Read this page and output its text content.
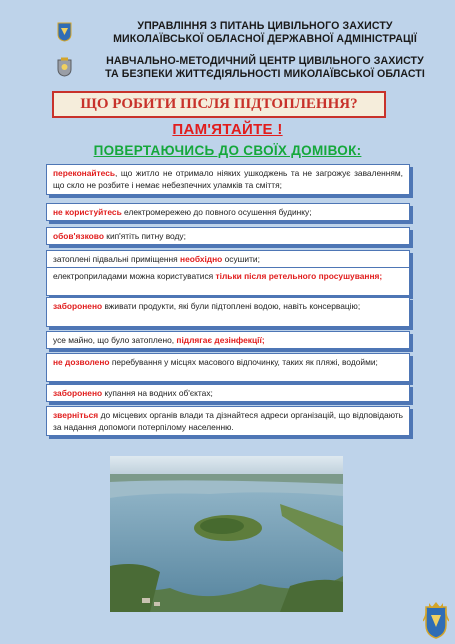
УПРАВЛІННЯ З ПИТАНЬ ЦИВІЛЬНОГО ЗАХИСТУ
МИКОЛАЇВСЬКОЇ ОБЛАСНОЇ ДЕРЖАВНОЇ АДМІНІСТРАЦІЇ
НАВЧАЛЬНО-МЕТОДИЧНИЙ ЦЕНТР ЦИВІЛЬНОГО ЗАХИСТУ
ТА БЕЗПЕКИ ЖИТТЄДІЯЛЬНОСТІ МИКОЛАЇВСЬКОЇ ОБЛАСТІ
ЩО РОБИТИ ПІСЛЯ ПІДТОПЛЕННЯ?
ПАМ'ЯТАЙТЕ !
ПОВЕРТАЮЧИСЬ ДО СВОЇХ ДОМІВОК:
переконайтесь, що житло не отримало ніяких ушкоджень та не загрожує заваленням, що скло не розбите і немає небезпечних уламків та сміття;
не користуйтесь електромережею до повного осушення будинку;
обов'язково кип'ятіть питну воду;
затоплені підвальні приміщення необхідно осушити;
електроприладами можна користуватися тільки після ретельного просушування;
заборонено вживати продукти, які були підтоплені водою, навіть консервацію;
усе майно, що було затоплено, підлягає дезінфекції;
не дозволено перебування у місцях масового відпочинку, таких як пляжі, водойми;
заборонено купання на водних об'єктах;
зверніться до місцевих органів влади та дізнайтеся адреси організацій, що відповідають за надання допомоги потерпілому населенню.
